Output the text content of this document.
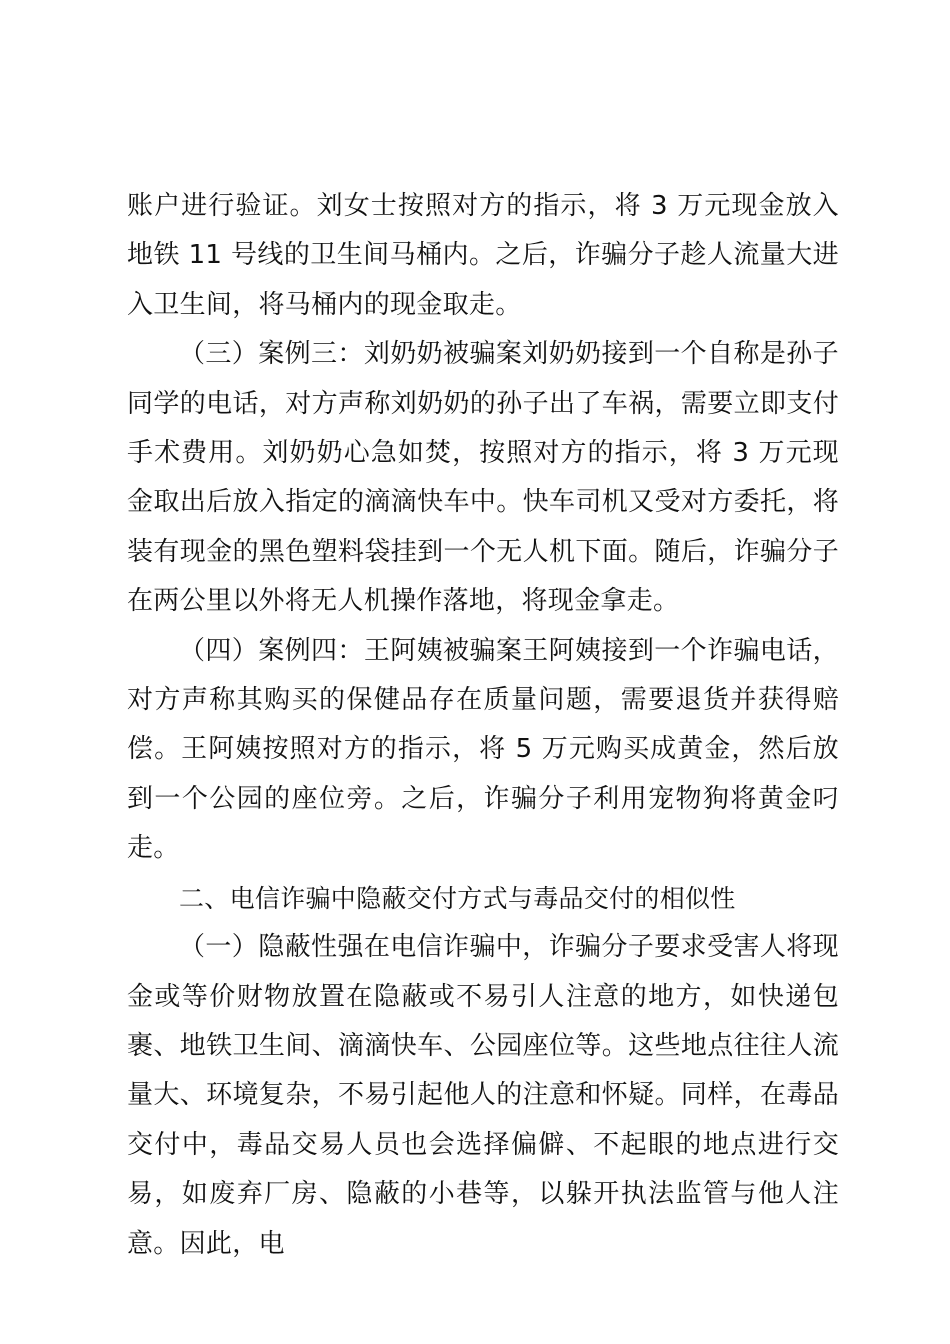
账户进行验证。刘女士按照对方的指示，将 3 万元现金放入地铁 11 号线的卫生间马桶内。之后，诈骗分子趁人流量大进入卫生间，将马桶内的现金取走。

（三）案例三：刘奶奶被骗案刘奶奶接到一个自称是孙子同学的电话，对方声称刘奶奶的孙子出了车祸，需要立即支付手术费用。刘奶奶心急如焚，按照对方的指示，将 3 万元现金取出后放入指定的滴滴快车中。快车司机又受对方委托，将装有现金的黑色塑料袋挂到一个无人机下面。随后，诈骗分子在两公里以外将无人机操作落地，将现金拿走。

（四）案例四：王阿姨被骗案王阿姨接到一个诈骗电话，对方声称其购买的保健品存在质量问题，需要退货并获得赔偿。王阿姨按照对方的指示，将 5 万元购买成黄金，然后放到一个公园的座位旁。之后，诈骗分子利用宠物狗将黄金叼走。

二、电信诈骗中隐蔽交付方式与毒品交付的相似性

（一）隐蔽性强在电信诈骗中，诈骗分子要求受害人将现金或等价财物放置在隐蔽或不易引人注意的地方，如快递包裹、地铁卫生间、滴滴快车、公园座位等。这些地点往往人流量大、环境复杂，不易引起他人的注意和怀疑。同样，在毒品交付中，毒品交易人员也会选择偏僻、不起眼的地点进行交易，如废弃厂房、隐蔽的小巷等，以躲开执法监管与他人注意。因此，电
